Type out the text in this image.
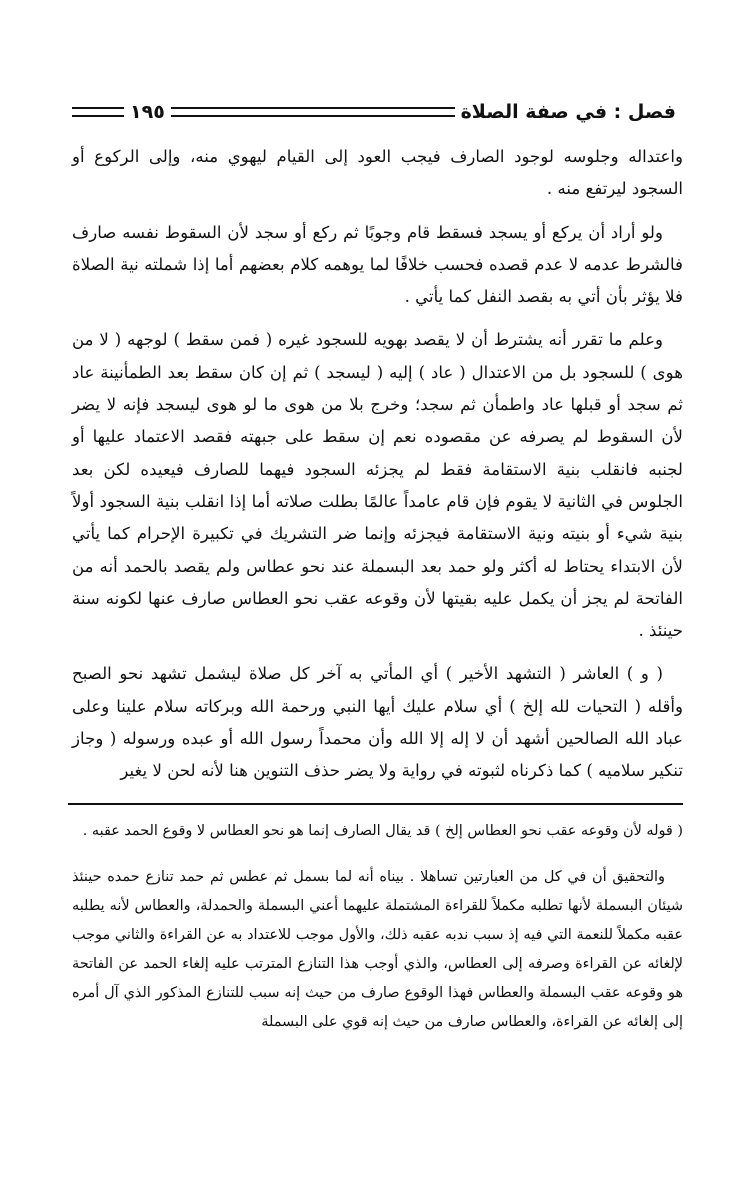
فصل : في صفة الصلاة
١٩٥

واعتداله وجلوسه لوجود الصارف فيجب العود إلى القيام ليهوي منه، وإلى الركوع أو السجود ليرتفع منه .

ولو أراد أن يركع أو يسجد فسقط قام وجوبًا ثم ركع أو سجد لأن السقوط نفسه صارف فالشرط عدمه لا عدم قصده فحسب خلافًا لما يوهمه كلام بعضهم أما إذا شملته نية الصلاة فلا يؤثر بأن أتي به بقصد النفل كما يأتي .

وعلم ما تقرر أنه يشترط أن لا يقصد بهويه للسجود غيره ( فمن سقط ) لوجهه ( لا من هوى ) للسجود بل من الاعتدال ( عاد ) إليه ( ليسجد ) ثم إن كان سقط بعد الطمأنينة عاد ثم سجد أو قبلها عاد واطمأن ثم سجد؛ وخرج بلا من هوى ما لو هوى ليسجد فإنه لا يضر لأن السقوط لم يصرفه عن مقصوده نعم إن سقط على جبهته فقصد الاعتماد عليها أو لجنبه فانقلب بنية الاستقامة فقط لم يجزئه السجود فيهما للصارف فيعيده لكن بعد الجلوس في الثانية لا يقوم فإن قام عامداً عالمًا بطلت صلاته أما إذا انقلب بنية السجود أولاً بنية شيء أو بنيته ونية الاستقامة فيجزئه وإنما ضر التشريك في تكبيرة الإحرام كما يأتي لأن الابتداء يحتاط له أكثر ولو حمد بعد البسملة عند نحو عطاس ولم يقصد بالحمد أنه من الفاتحة لم يجز أن يكمل عليه بقيتها لأن وقوعه عقب نحو العطاس صارف عنها لكونه سنة حينئذ .

( و ) العاشر ( التشهد الأخير ) أي المأتي به آخر كل صلاة ليشمل تشهد نحو الصبح وأقله ( التحيات لله إلخ ) أي سلام عليك أيها النبي ورحمة الله وبركاته سلام علينا وعلى عباد الله الصالحين أشهد أن لا إله إلا الله وأن محمداً رسول الله أو عبده ورسوله ( وجاز تنكير سلاميه ) كما ذكرناه لثبوته في رواية ولا يضر حذف التنوين هنا لأنه لحن لا يغير

( قوله لأن وقوعه عقب نحو العطاس إلخ ) قد يقال الصارف إنما هو نحو العطاس لا وقوع الحمد عقبه .

والتحقيق أن في كل من العبارتين تساهلا . بيناه أنه لما بسمل ثم عطس ثم حمد تنازع حمده حينئذ شيئان البسملة لأنها تطلبه مكملاً للقراءة المشتملة عليهما أعني البسملة والحمدلة، والعطاس لأنه يطلبه عقبه مكملاً للنعمة التي فيه إذ سبب ندبه عقبه ذلك، والأول موجب للاعتداد به عن القراءة والثاني موجب لإلغائه عن القراءة وصرفه إلى العطاس، والذي أوجب هذا التنازع المترتب عليه إلغاء الحمد عن الفاتحة هو وقوعه عقب البسملة والعطاس فهذا الوقوع صارف من حيث إنه سبب للتنازع المذكور الذي آل أمره إلى إلغائه عن القراءة، والعطاس صارف من حيث إنه قوي على البسملة
